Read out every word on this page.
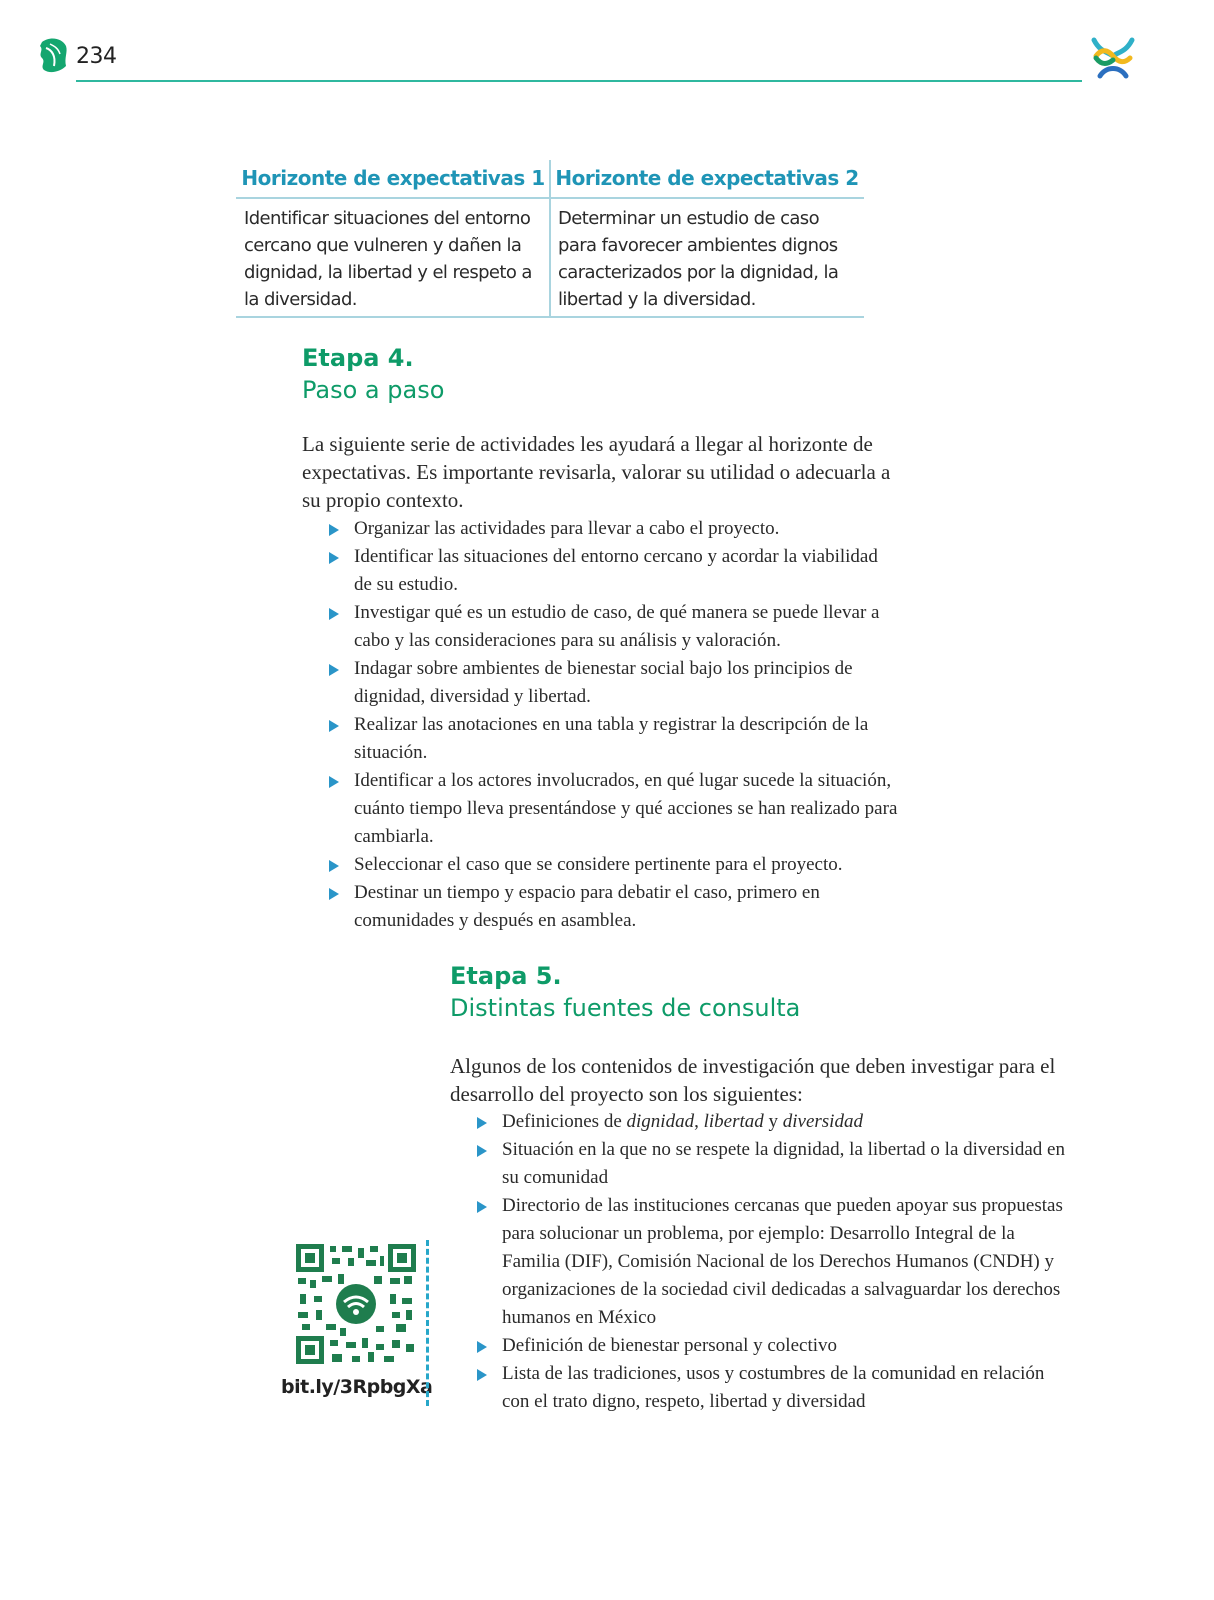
234
Horizonte de expectativas 1
Identificar situaciones del entorno cercano que vulneren y dañen la dignidad, la libertad y el respeto a la diversidad.
Horizonte de expectativas 2
Determinar un estudio de caso para favorecer ambientes dignos caracterizados por la dignidad, la libertad y la diversidad.
Etapa 4.
Paso a paso
La siguiente serie de actividades les ayudará a llegar al horizonte de expectativas. Es importante revisarla, valorar su utilidad o adecuarla a su propio contexto.
Organizar las actividades para llevar a cabo el proyecto.
Identificar las situaciones del entorno cercano y acordar la viabilidad de su estudio.
Investigar qué es un estudio de caso, de qué manera se puede llevar a cabo y las consideraciones para su análisis y valoración.
Indagar sobre ambientes de bienestar social bajo los principios de dignidad, diversidad y libertad.
Realizar las anotaciones en una tabla y registrar la descripción de la situación.
Identificar a los actores involucrados, en qué lugar sucede la situación, cuánto tiempo lleva presentándose y qué acciones se han realizado para cambiarla.
Seleccionar el caso que se considere pertinente para el proyecto.
Destinar un tiempo y espacio para debatir el caso, primero en comunidades y después en asamblea.
Etapa 5.
Distintas fuentes de consulta
Algunos de los contenidos de investigación que deben investigar para el desarrollo del proyecto son los siguientes:
Definiciones de dignidad, libertad y diversidad
Situación en la que no se respete la dignidad, la libertad o la diversidad en su comunidad
Directorio de las instituciones cercanas que pueden apoyar sus propuestas para solucionar un problema, por ejemplo: Desarrollo Integral de la Familia (DIF), Comisión Nacional de los Derechos Humanos (CNDH) y organizaciones de la sociedad civil dedicadas a salvaguardar los derechos humanos en México
Definición de bienestar personal y colectivo
Lista de las tradiciones, usos y costumbres de la comunidad en relación con el trato digno, respeto, libertad y diversidad
bit.ly/3RpbgXa
